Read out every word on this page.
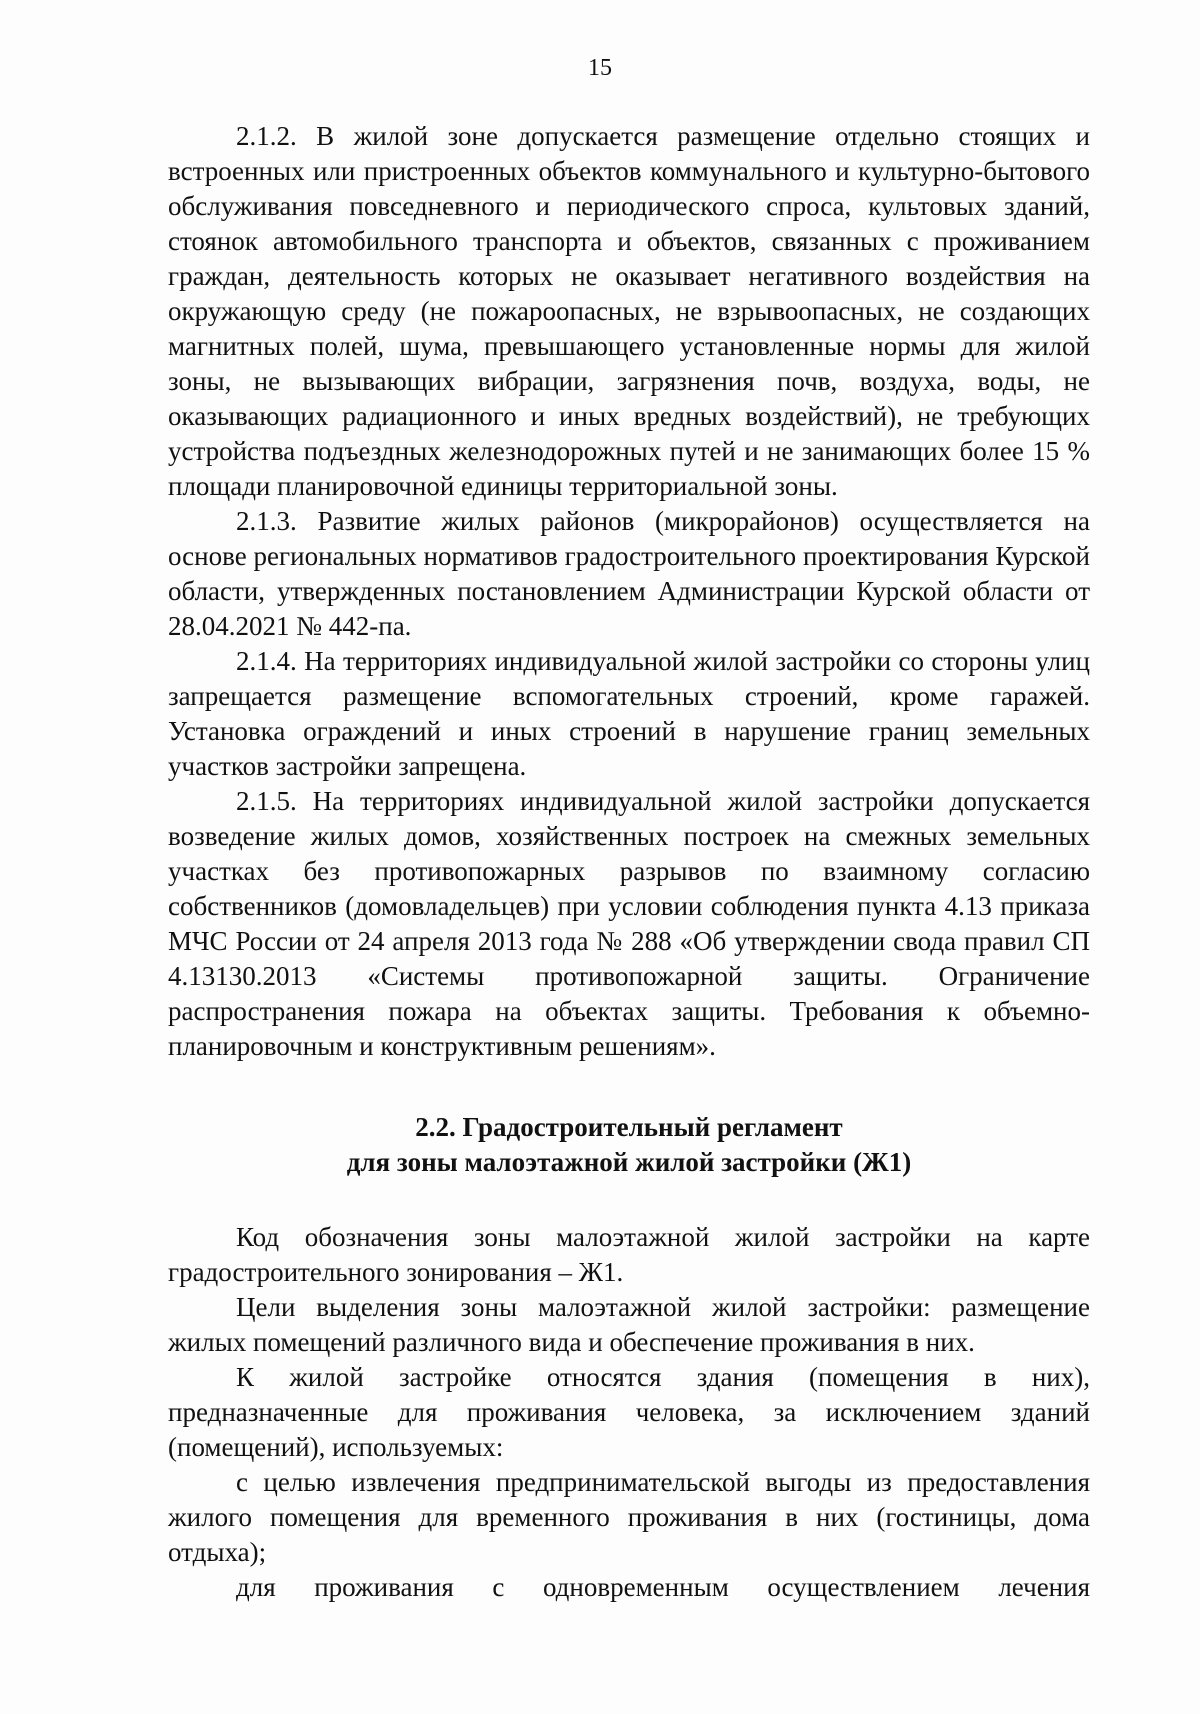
15

2.1.2. В жилой зоне допускается размещение отдельно стоящих и встроенных или пристроенных объектов коммунального и культурно-бытового обслуживания повседневного и периодического спроса, культовых зданий, стоянок автомобильного транспорта и объектов, связанных с проживанием граждан, деятельность которых не оказывает негативного воздействия на окружающую среду (не пожароопасных, не взрывоопасных, не создающих магнитных полей, шума, превышающего установленные нормы для жилой зоны, не вызывающих вибрации, загрязнения почв, воздуха, воды, не оказывающих радиационного и иных вредных воздействий), не требующих устройства подъездных железнодорожных путей и не занимающих более 15 % площади планировочной единицы территориальной зоны.

2.1.3. Развитие жилых районов (микрорайонов) осуществляется на основе региональных нормативов градостроительного проектирования Курской области, утвержденных постановлением Администрации Курской области от 28.04.2021 № 442-па.

2.1.4. На территориях индивидуальной жилой застройки со стороны улиц запрещается размещение вспомогательных строений, кроме гаражей. Установка ограждений и иных строений в нарушение границ земельных участков застройки запрещена.

2.1.5. На территориях индивидуальной жилой застройки допускается возведение жилых домов, хозяйственных построек на смежных земельных участках без противопожарных разрывов по взаимному согласию собственников (домовладельцев) при условии соблюдения пункта 4.13 приказа МЧС России от 24 апреля 2013 года № 288 «Об утверждении свода правил СП 4.13130.2013 «Системы противопожарной защиты. Ограничение распространения пожара на объектах защиты. Требования к объемно- планировочным и конструктивным решениям».

2.2. Градостроительный регламент

для зоны малоэтажной жилой застройки (Ж1)

Код обозначения зоны малоэтажной жилой застройки на карте градостроительного зонирования – Ж1.

Цели выделения зоны малоэтажной жилой застройки: размещение жилых помещений различного вида и обеспечение проживания в них.

К жилой застройке относятся здания (помещения в них), предназначенные для проживания человека, за исключением зданий (помещений), используемых:

с целью извлечения предпринимательской выгоды из предоставления жилого помещения для временного проживания в них (гостиницы, дома отдыха);

для проживания с одновременным осуществлением лечения
